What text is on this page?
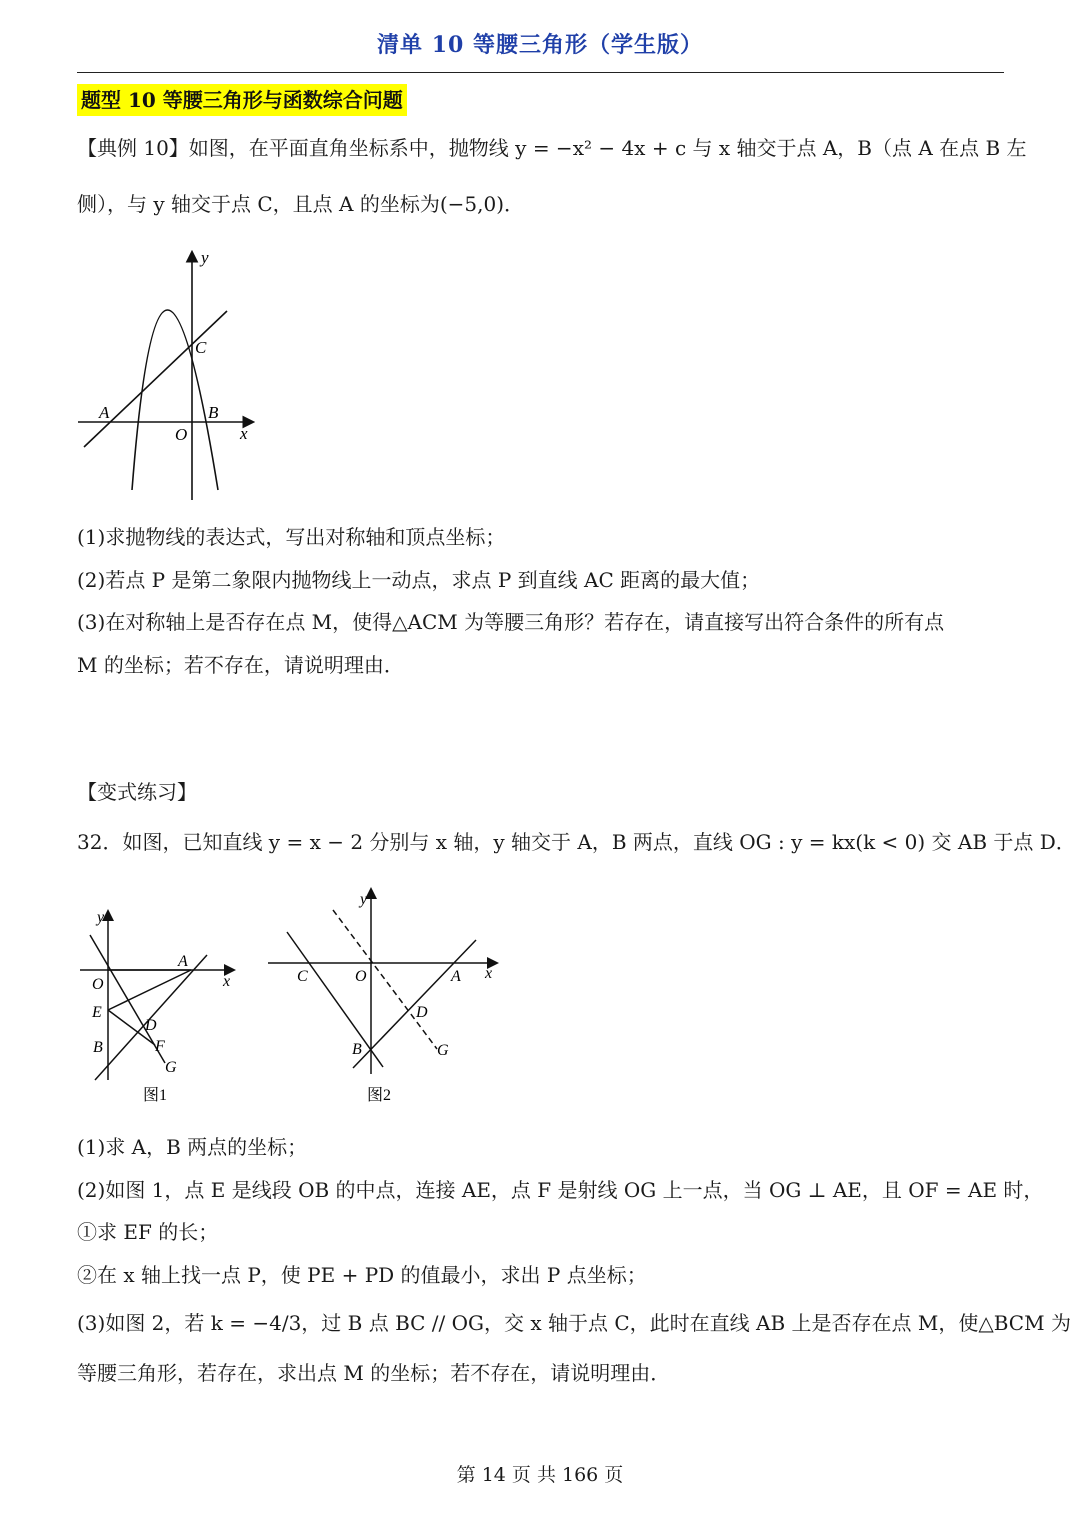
清单 10 等腰三角形（学生版）
题型 10 等腰三角形与函数综合问题
【典例 10】如图，在平面直角坐标系中，抛物线 y = −x² − 4x + c 与 x 轴交于点 A，B（点 A 在点 B 左
侧），与 y 轴交于点 C，且点 A 的坐标为(−5,0)．
y
x
O
A	B
C
(1)求抛物线的表达式，写出对称轴和顶点坐标；
(2)若点 P 是第二象限内抛物线上一动点，求点 P 到直线 AC 距离的最大值；
(3)在对称轴上是否存在点 M，使得△ACM 为等腰三角形？若存在，请直接写出符合条件的所有点
M 的坐标；若不存在，请说明理由．
【变式练习】
32．如图，已知直线 y = x − 2 分别与 x 轴，y 轴交于 A，B 两点，直线 OG : y = kx(k < 0) 交 AB 于点 D．
y
x
O
A
E
D
B	F
G
图1
y
x
C	O	A
D
B	G
图2
(1)求 A，B 两点的坐标；
(2)如图 1，点 E 是线段 OB 的中点，连接 AE，点 F 是射线 OG 上一点，当 OG ⊥ AE，且 OF = AE 时，
①求 EF 的长；
②在 x 轴上找一点 P，使 PE + PD 的值最小，求出 P 点坐标；
(3)如图 2，若 k = −4/3，过 B 点 BC // OG，交 x 轴于点 C，此时在直线 AB 上是否存在点 M，使△BCM 为
等腰三角形，若存在，求出点 M 的坐标；若不存在，请说明理由．
第 14 页 共 166 页
